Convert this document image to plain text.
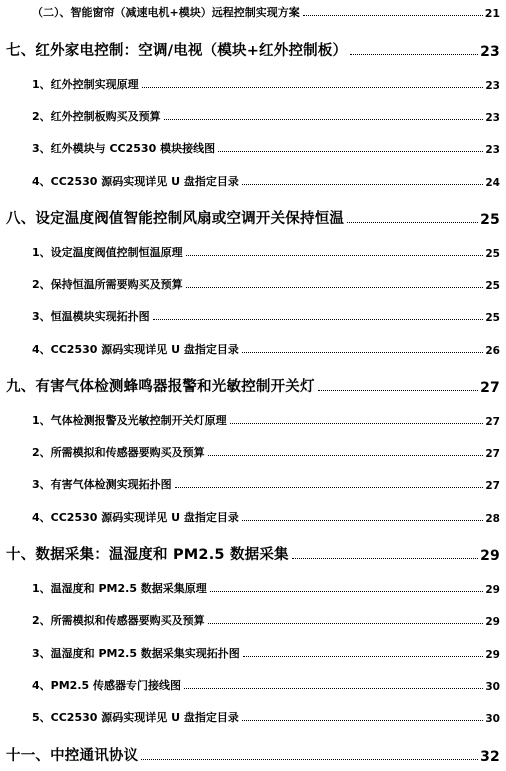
（二）、智能窗帘（减速电机+模块）远程控制实现方案	21
七、红外家电控制：空调/电视（模块+红外控制板）	23
1、红外控制实现原理	23
2、红外控制板购买及预算	23
3、红外模块与 CC2530 模块接线图	23
4、CC2530 源码实现详见 U 盘指定目录	24
八、设定温度阀值智能控制风扇或空调开关保持恒温	25
1、设定温度阀值控制恒温原理	25
2、保持恒温所需要购买及预算	25
3、恒温模块实现拓扑图	25
4、CC2530 源码实现详见 U 盘指定目录	26
九、有害气体检测蜂鸣器报警和光敏控制开关灯	27
1、气体检测报警及光敏控制开关灯原理	27
2、所需模拟和传感器要购买及预算	27
3、有害气体检测实现拓扑图	27
4、CC2530 源码实现详见 U 盘指定目录	28
十、数据采集：温湿度和 PM2.5 数据采集	29
1、温湿度和 PM2.5 数据采集原理	29
2、所需模拟和传感器要购买及预算	29
3、温湿度和 PM2.5 数据采集实现拓扑图	29
4、PM2.5 传感器专门接线图	30
5、CC2530 源码实现详见 U 盘指定目录	30
十一、中控通讯协议	32
